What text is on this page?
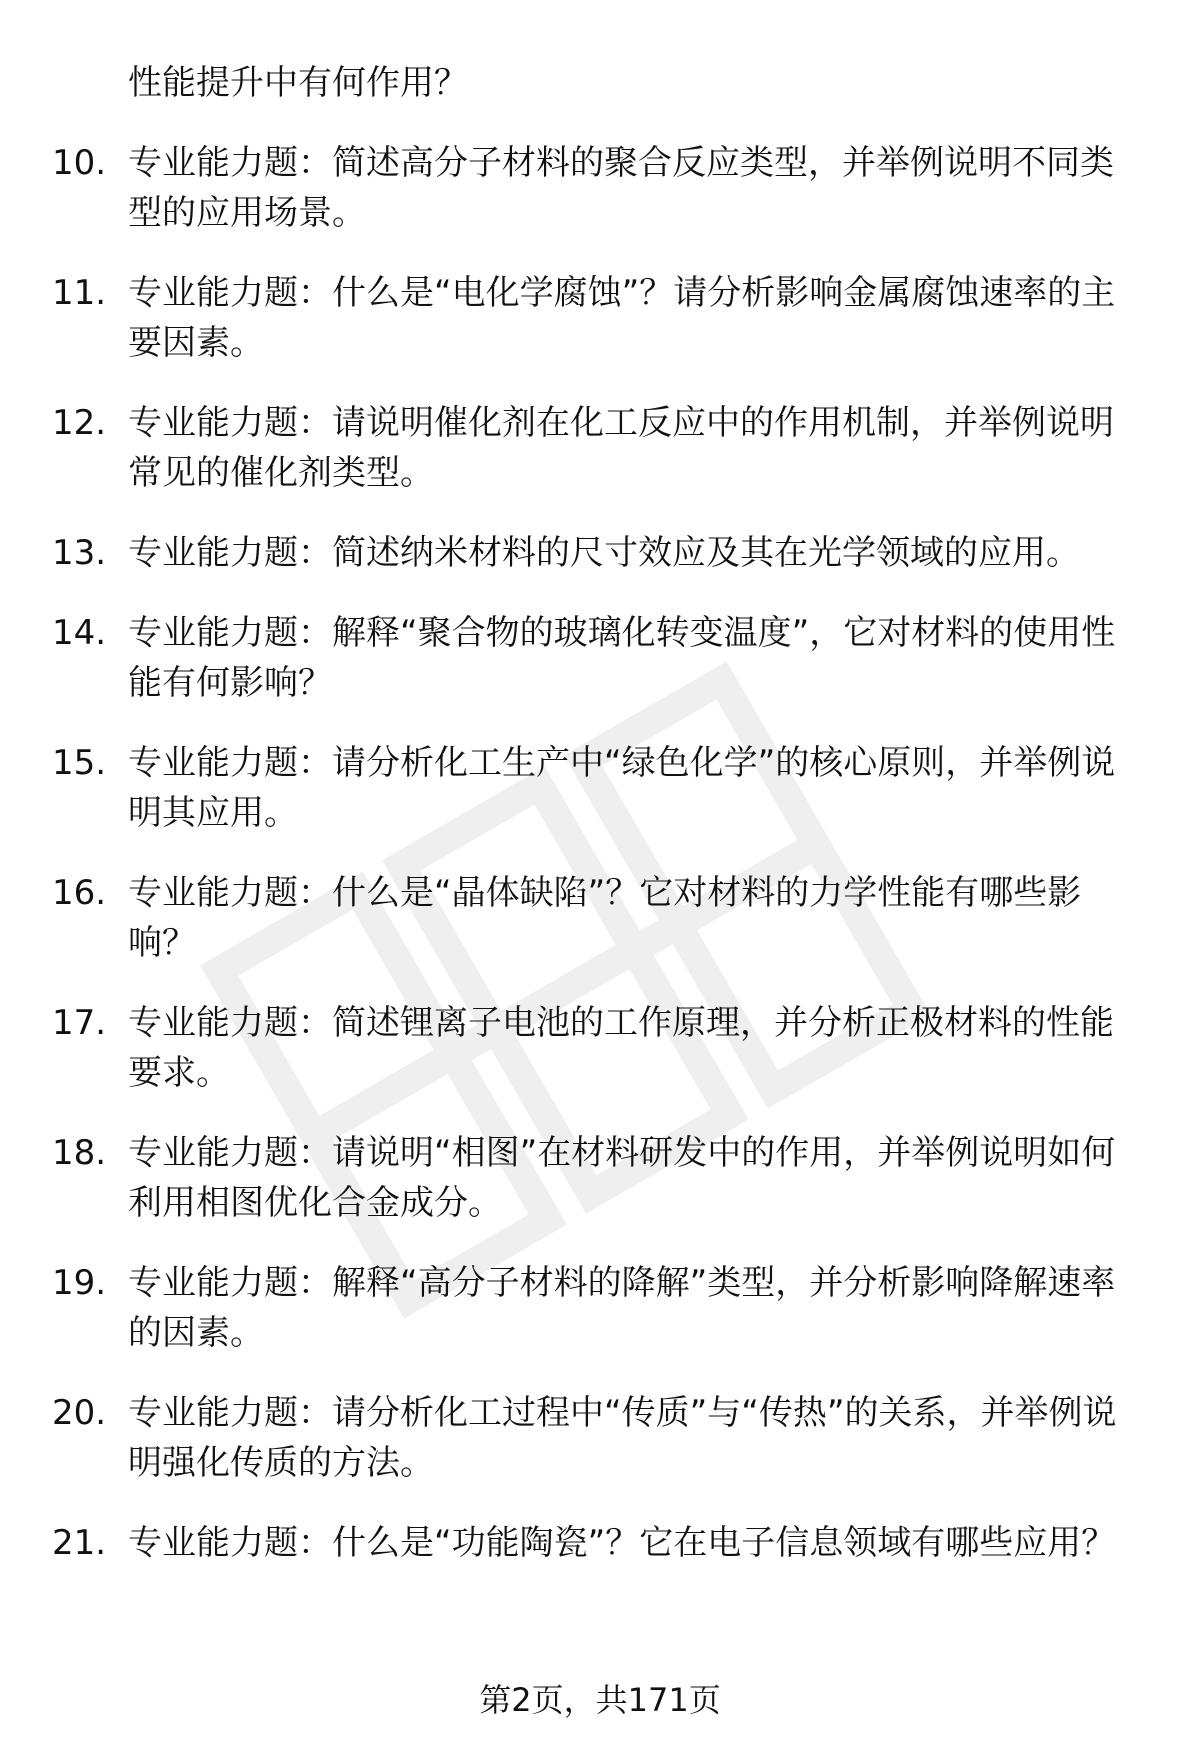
性能提升中有何作用？
10. 专业能力题：简述高分子材料的聚合反应类型，并举例说明不同类型的应用场景。
11. 专业能力题：什么是“电化学腐蚀”？请分析影响金属腐蚀速率的主要因素。
12. 专业能力题：请说明催化剂在化工反应中的作用机制，并举例说明常见的催化剂类型。
13. 专业能力题：简述纳米材料的尺寸效应及其在光学领域的应用。
14. 专业能力题：解释“聚合物的玻璃化转变温度”，它对材料的使用性能有何影响？
15. 专业能力题：请分析化工生产中“绿色化学”的核心原则，并举例说明其应用。
16. 专业能力题：什么是“晶体缺陷”？它对材料的力学性能有哪些影响？
17. 专业能力题：简述锂离子电池的工作原理，并分析正极材料的性能要求。
18. 专业能力题：请说明“相图”在材料研发中的作用，并举例说明如何利用相图优化合金成分。
19. 专业能力题：解释“高分子材料的降解”类型，并分析影响降解速率的因素。
20. 专业能力题：请分析化工过程中“传质”与“传热”的关系，并举例说明强化传质的方法。
21. 专业能力题：什么是“功能陶瓷”？它在电子信息领域有哪些应用？
第2页，共171页
